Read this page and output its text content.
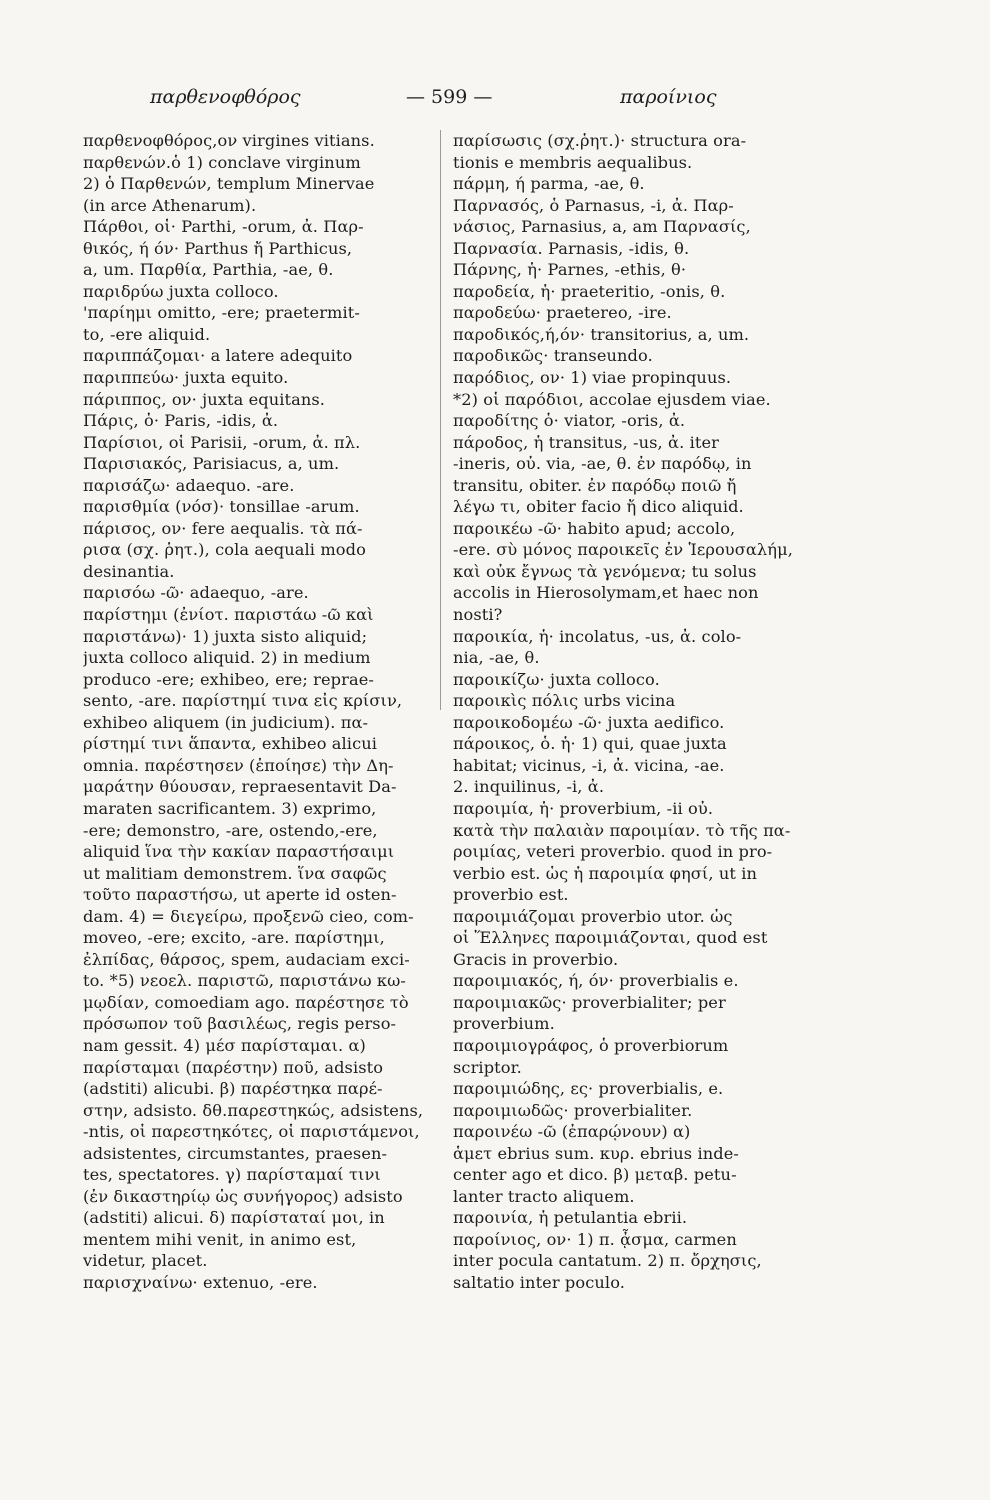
παρθενοφθόρος	— 599 —	παροίνιος
παρθενοφθόρος,ον virgines vitians.
παρθενών.ὁ 1) conclave virginum
2) ὁ Παρθενών, templum Minervae
(in arce Athenarum).
Πάρθοι, οἱ· Parthi, -orum, ἀ. Παρ-
θικός, ή όν· Parthus ἤ Parthicus,
a, um. Παρθία, Parthia, -ae, θ.
παριδρύω juxta colloco.
'παρίημι omitto, -ere; praetermit-
to, -ere aliquid.
παριππάζομαι· a latere adequito
παριππεύω· juxta equito.
πάριππος, ον· juxta equitans.
Πάρις, ὁ· Paris, -idis, ἀ.
Παρίσιοι, οἱ Parisii, -orum, ἀ. πλ.
Παρισιακός, Parisiacus, a, um.
παρισάζω· adaequo. -are.
παρισθμία (νόσ)· tonsillae -arum.
πάρισος, ον· fere aequalis. τὰ πά-
ρισα (σχ. ῥητ.), cola aequali modo
desinantia.
παρισόω -ῶ· adaequo, -are.
παρίστημι (ἐνίοτ. παριστάω -ῶ καὶ
παριστάνω)· 1) juxta sisto aliquid;
juxta colloco aliquid. 2) in medium
produco -ere; exhibeo, ere; reprae-
sento, -are. παρίστημί τινα εἰς κρίσιν,
exhibeo aliquem (in judicium). πα-
ρίστημί τινι ἅπαντα, exhibeo alicui
omnia. παρέστησεν (ἐποίησε) τὴν Δη-
μαράτην θύουσαν, repraesentavit Da-
maraten sacrificantem. 3) exprimo,
-ere; demonstro, -are, ostendo,-ere,
aliquid ἵνα τὴν κακίαν παραστήσαιμι
ut malitiam demonstrem. ἵνα σαφῶς
τοῦτο παραστήσω, ut aperte id osten-
dam. 4) = διεγείρω, προξενῶ cieo, com-
moveo, -ere; excito, -are. παρίστημι,
ἐλπίδας, θάρσος, spem, audaciam exci-
to. *5) νεοελ. παριστῶ, παριστάνω κω-
μῳδίαν, comoediam ago. παρέστησε τὸ
πρόσωπον τοῦ βασιλέως, regis perso-
nam gessit. 4) μέσ παρίσταμαι. α)
παρίσταμαι (παρέστην) ποῦ, adsisto
(adstiti) alicubi. β) παρέστηκα παρέ-
στην, adsisto. δθ.παρεστηκώς, adsistens,
-ntis, οἱ παρεστηκότες, οἱ παριστάμενοι,
adsistentes, circumstantes, praesen-
tes, spectatores. γ) παρίσταμαί τινι
(ἐν δικαστηρίῳ ὡς συνήγορος) adsisto
(adstiti) alicui. δ) παρίσταταί μοι, in
mentem mihi venit, in animo est,
videtur, placet.
παρισχναίνω· extenuo, -ere.
παρίσωσις (σχ.ῥητ.)· structura ora-
tionis e membris aequalibus.
πάρμη, ή parma, -ae, θ.
Παρνασός, ὁ Parnasus, -i, ἀ. Παρ-
νάσιος, Parnasius, a, am Παρνασίς,
Παρνασία. Parnasis, -idis, θ.
Πάρνης, ἡ· Parnes, -ethis, θ·
παροδεία, ἡ· praeteritio, -onis, θ.
παροδεύω· praetereo, -ire.
παροδικός,ή,όν· transitorius, a, um.
παροδικῶς· transeundo.
παρόδιος, ον· 1) viae propinquus.
*2) οἱ παρόδιοι, accolae ejusdem viae.
παροδίτης ὁ· viator, -oris, ἀ.
πάροδος, ἡ transitus, -us, ἀ. iter
-ineris, οὐ. via, -ae, θ. ἐν παρόδῳ, in
transitu, obiter. ἐν παρόδῳ ποιῶ ἤ
λέγω τι, obiter facio ἤ dico aliquid.
παροικέω -ῶ· habito apud; accolo,
-ere. σὺ μόνος παροικεῖς ἐν Ἱερουσαλήμ,
καὶ οὐκ ἔγνως τὰ γενόμενα; tu solus
accolis in Hierosolymam,et haec non
nosti?
παροικία, ἡ· incolatus, -us, ἀ. colo-
nia, -ae, θ.
παροικίζω· juxta colloco.
παροικὶς πόλις urbs vicina
παροικοδομέω -ῶ· juxta aedifico.
πάροικος, ὁ. ἡ· 1) qui, quae juxta
habitat; vicinus, -i, ἀ. vicina, -ae.
2. inquilinus, -i, ἀ.
παροιμία, ἡ· proverbium, -ii οὐ.
κατὰ τὴν παλαιὰν παροιμίαν. τὸ τῆς πα-
ροιμίας, veteri proverbio. quod in pro-
verbio est. ὡς ἡ παροιμία φησί, ut in
proverbio est.
παροιμιάζομαι proverbio utor. ὡς
οἱ Ἕλληνες παροιμιάζονται, quod est
Gracis in proverbio.
παροιμιακός, ή, όν· proverbialis e.
παροιμιακῶς· proverbialiter; per
proverbium.
παροιμιογράφος, ὁ proverbiorum
scriptor.
παροιμιώδης, ες· proverbialis, e.
παροιμιωδῶς· proverbialiter.
παροινέω -ῶ (ἐπαρῴνουν) α)
ἁμετ ebrius sum. κυρ. ebrius inde-
center ago et dico. β) μεταβ. petu-
lanter tracto aliquem.
παροινία, ἡ petulantia ebrii.
παροίνιος, ον· 1) π. ᾆσμα, carmen
inter pocula cantatum. 2) π. ὄρχησις,
saltatio inter poculo.
